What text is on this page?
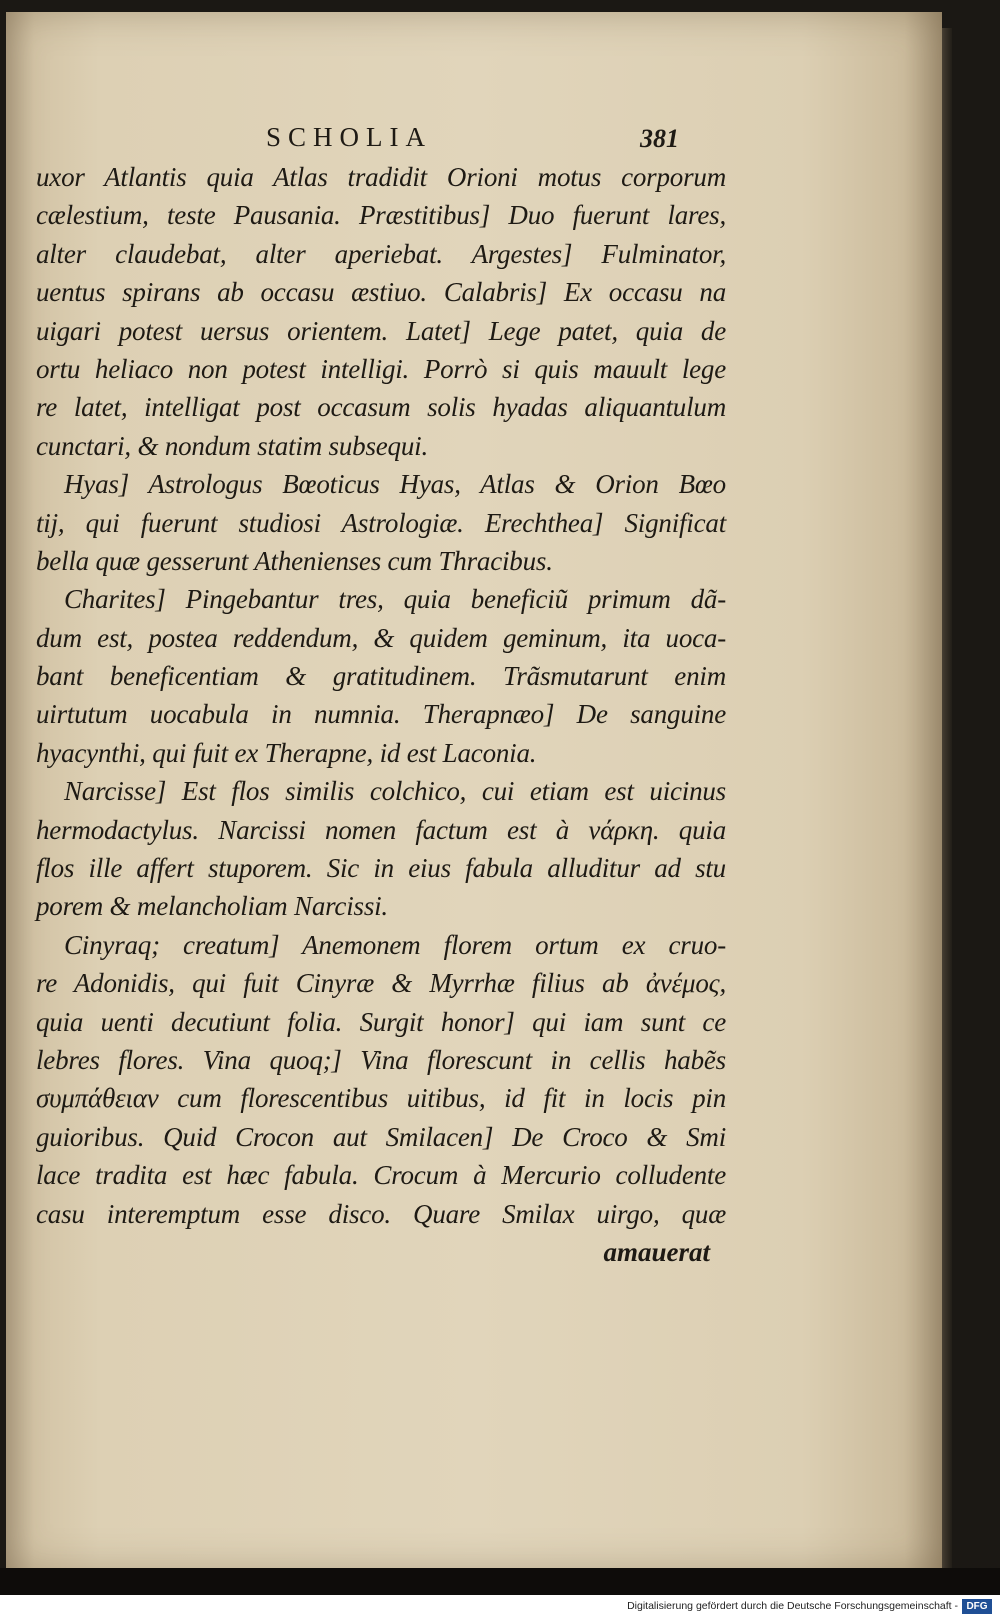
SCHOLIA	381
uxor Atlantis quia Atlas tradidit Orioni motus corporum
cælestium, teste Pausania. Præstitibus] Duo fuerunt lares,
alter claudebat, alter aperiebat. Argestes] Fulminator,
uentus spirans ab occasu æstiuo. Calabris] Ex occasu na
uigari potest uersus orientem. Latet] Lege patet, quia de
ortu heliaco non potest intelligi. Porrò si quis mauult lege
re latet, intelligat post occasum solis hyadas aliquantulum
cunctari, & nondum statim subsequi.
Hyas] Astrologus Bœoticus Hyas, Atlas & Orion Bœo
tij, qui fuerunt studiosi Astrologiæ. Erechthea] Significat
bella quæ gesserunt Athenienses cum Thracibus.
Charites] Pingebantur tres, quia beneficiũ primum dã-
dum est, postea reddendum, & quidem geminum, ita uoca-
bant beneficentiam & gratitudinem. Trãsmutarunt enim
uirtutum uocabula in numnia. Therapnæo] De sanguine
hyacynthi, qui fuit ex Therapne, id est Laconia.
Narcisse] Est flos similis colchico, cui etiam est uicinus
hermodactylus. Narcissi nomen factum est à νάρκη. quia
flos ille affert stuporem. Sic in eius fabula alluditur ad stu
porem & melancholiam Narcissi.
Cinyraq; creatum] Anemonem florem ortum ex cruo-
re Adonidis, qui fuit Cinyræ & Myrrhæ filius ab ἀνέμος,
quia uenti decutiunt folia. Surgit honor] qui iam sunt ce
lebres flores. Vina quoq;] Vina florescunt in cellis habẽs
συμπάθειαν cum florescentibus uitibus, id fit in locis pin
guioribus. Quid Crocon aut Smilacen] De Croco & Smi
lace tradita est hæc fabula. Crocum à Mercurio colludente
casu interemptum esse disco. Quare Smilax uirgo, quæ
amauerat
Digitalisierung gefördert durch die Deutsche Forschungsgemeinschaft - DFG
